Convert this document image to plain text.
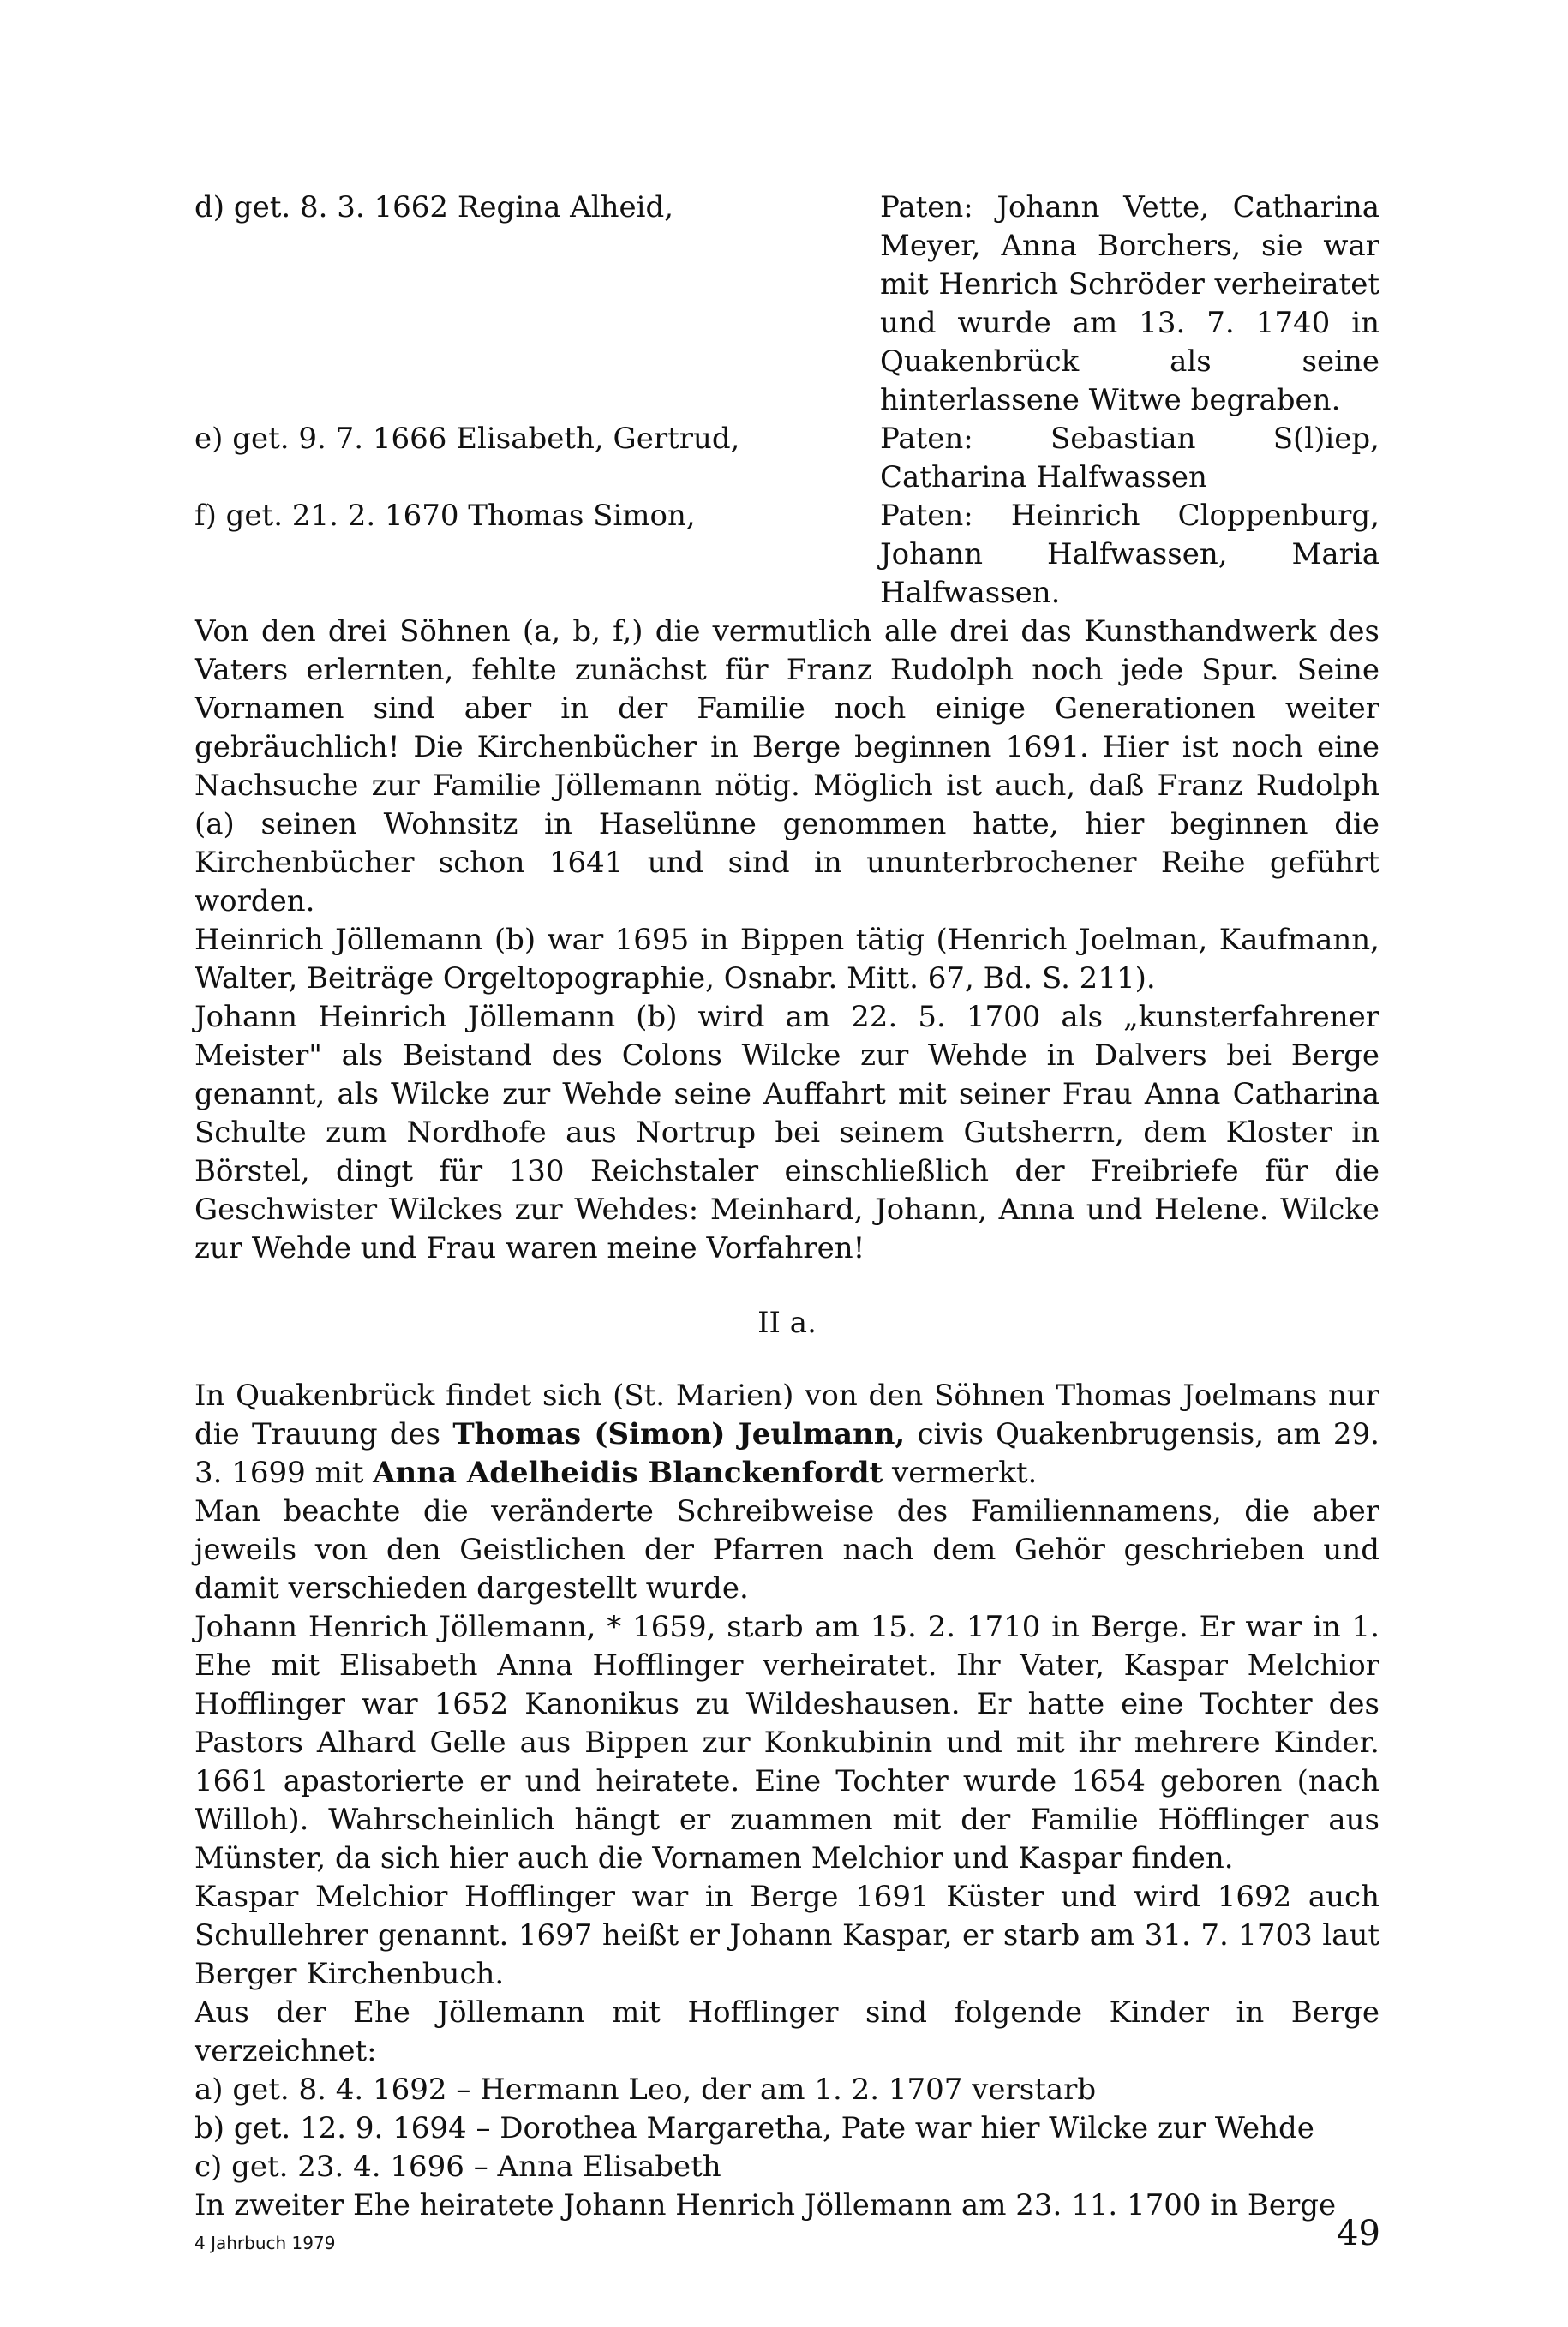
d) get. 8. 3. 1662 Regina Alheid,	Paten: Johann Vette, Catharina Meyer, Anna Borchers, sie war mit Henrich Schröder verheiratet und wurde am 13. 7. 1740 in Quakenbrück als seine hinterlassene Witwe begraben.
e) get. 9. 7. 1666 Elisabeth, Gertrud,	Paten: Sebastian S(l)iep, Catharina Halfwassen
f) get. 21. 2. 1670 Thomas Simon,	Paten: Heinrich Cloppenburg, Johann Halfwassen, Maria Halfwassen.

Von den drei Söhnen (a, b, f,) die vermutlich alle drei das Kunsthandwerk des Vaters erlernten, fehlte zunächst für Franz Rudolph noch jede Spur. Seine Vornamen sind aber in der Familie noch einige Generationen weiter gebräuchlich! Die Kirchenbücher in Berge beginnen 1691. Hier ist noch eine Nachsuche zur Familie Jöllemann nötig. Möglich ist auch, daß Franz Rudolph (a) seinen Wohnsitz in Haselünne genommen hatte, hier beginnen die Kirchenbücher schon 1641 und sind in ununterbrochener Reihe geführt worden.

Heinrich Jöllemann (b) war 1695 in Bippen tätig (Henrich Joelman, Kaufmann, Walter, Beiträge Orgeltopographie, Osnabr. Mitt. 67, Bd. S. 211).

Johann Heinrich Jöllemann (b) wird am 22. 5. 1700 als „kunsterfahrener Meister" als Beistand des Colons Wilcke zur Wehde in Dalvers bei Berge genannt, als Wilcke zur Wehde seine Auffahrt mit seiner Frau Anna Catharina Schulte zum Nordhofe aus Nortrup bei seinem Gutsherrn, dem Kloster in Börstel, dingt für 130 Reichstaler einschließlich der Freibriefe für die Geschwister Wilckes zur Wehdes: Meinhard, Johann, Anna und Helene. Wilcke zur Wehde und Frau waren meine Vorfahren!

II a.

In Quakenbrück findet sich (St. Marien) von den Söhnen Thomas Joelmans nur die Trauung des Thomas (Simon) Jeulmann, civis Quakenbrugensis, am 29. 3. 1699 mit Anna Adelheidis Blanckenfordt vermerkt.

Man beachte die veränderte Schreibweise des Familiennamens, die aber jeweils von den Geistlichen der Pfarren nach dem Gehör geschrieben und damit verschieden dargestellt wurde.

Johann Henrich Jöllemann, * 1659, starb am 15. 2. 1710 in Berge. Er war in 1. Ehe mit Elisabeth Anna Hofflinger verheiratet. Ihr Vater, Kaspar Melchior Hofflinger war 1652 Kanonikus zu Wildeshausen. Er hatte eine Tochter des Pastors Alhard Gelle aus Bippen zur Konkubinin und mit ihr mehrere Kinder. 1661 apastorierte er und heiratete. Eine Tochter wurde 1654 geboren (nach Willoh). Wahrscheinlich hängt er zuammen mit der Familie Höfflinger aus Münster, da sich hier auch die Vornamen Melchior und Kaspar finden.

Kaspar Melchior Hofflinger war in Berge 1691 Küster und wird 1692 auch Schullehrer genannt. 1697 heißt er Johann Kaspar, er starb am 31. 7. 1703 laut Berger Kirchenbuch.

Aus der Ehe Jöllemann mit Hofflinger sind folgende Kinder in Berge verzeichnet:

a) get. 8. 4. 1692 – Hermann Leo, der am 1. 2. 1707 verstarb

b) get. 12. 9. 1694 – Dorothea Margaretha, Pate war hier Wilcke zur Wehde

c) get. 23. 4. 1696 – Anna Elisabeth

In zweiter Ehe heiratete Johann Henrich Jöllemann am 23. 11. 1700 in Berge

4 Jahrbuch 1979	49
